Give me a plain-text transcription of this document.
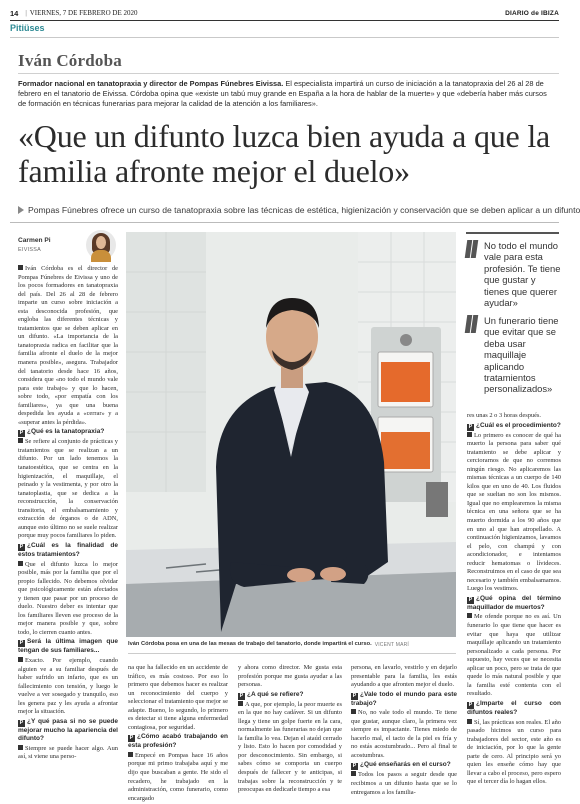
14 | VIERNES, 7 DE FEBRERO DE 2020	DIARIO de IBIZA
Pitiüses
Iván Córdoba
Formador nacional en tanatopraxia y director de Pompas Fúnebres Eivissa. El especialista impartirá un curso de iniciación a la tanatopraxia del 26 al 28 de febrero en el tanatorio de Eivissa. Córdoba opina que «existe un tabú muy grande en España a la hora de hablar de la muerte» y que «debería haber más cursos de formación en técnicas funerarias para mejorar la calidad de la atención a los familiares».
«Que un difunto luzca bien ayuda a que la familia afronte mejor el duelo»
Pompas Fúnebres ofrece un curso de tanatopraxia sobre las técnicas de estética, higienización y conservación que se deben aplicar a un difunto
Carmen Pi
EIVISSA
Iván Córdoba posa en una de las mesas de trabajo del tanatorio, donde impartirá el curso. VICENT MARÍ
No todo el mundo vale para esta profesión. Te tiene que gustar y tienes que querer ayudar»
Un funerario tiene que evitar que se deba usar maquillaje aplicando tratamientos personalizados»

Iván Córdoba es el director de Pompas Fúnebres de Eivissa y uno de los pocos formadores en tanatopraxia del país. Del 26 al 28 de febrero imparte un curso sobre iniciación a esta desconocida profesión, que engloba las diferentes técnicas y tratamientos que se deben aplicar en un difunto. «La importancia de la tanatopraxia radica en facilitar que la familia afronte el duelo de la mejor manera posible», asegura. Trabajador del tanatorio desde hace 16 años, considera que «no todo el mundo vale para este trabajo» y que lo hacen, sobre todo, «por empatía con los familiares», ya que una buena despedida les ayuda a «cerrar» y a «superar antes la pérdida».

P ¿Qué es la tanatopraxia?

Se refiere al conjunto de prácticas y tratamientos que se realizan a un difunto. Por un lado tenemos la tanatoestética, que se centra en la higienización, el maquillaje, el peinado y la vestimenta, y por otro la tanatoplastia, que se dedica a la reconstrucción, la conservación transitoria, el embalsamamiento y extracción de órganos o de ADN, aunque esto último no se suele realizar porque muy pocos familiares lo piden.

P ¿Cuál es la finalidad de estos tratamientos?

Que el difunto luzca lo mejor posible, más por la familia que por el propio fallecido. No debemos olvidar que psicológicamente están afectados y tienen que pasar por un proceso de duelo. Nuestro deber es intentar que los familiares lleven ese proceso de la mejor manera posible y que, sobre todo, lo cierren cuanto antes.

P Será la última imagen que tengan de sus familiares...

Exacto. Por ejemplo, cuando alguien ve a su familiar después de haber sufrido un infarto, que es un fallecimiento con tensión, y luego le vuelve a ver sosegado y tranquilo, eso les genera paz y les ayuda a afrontar mejor la situación.

P ¿Y qué pasa si no se puede mejorar mucho la apariencia del difunto?

Siempre se puede hacer algo. Aun así, si viene una perso-

na que ha fallecido en un accidente de tráfico, es más costoso. Por eso lo primero que debemos hacer es realizar un reconocimiento del cuerpo y seleccionar el tratamiento que mejor se adapte. Bueno, lo segundo, lo primero es detectar si tiene alguna enfermedad contagiosa, por seguridad.

P ¿Cómo acabó trabajando en esta profesión?

Empecé en Pompas hace 16 años porque mi primo trabajaba aquí y me dijo que buscaban a gente. He sido el recadero, he trabajado en la administración, como funerario, como encargado

y ahora como director. Me gusta esta profesión porque me gusta ayudar a las personas.

P ¿A qué se refiere?

A que, por ejemplo, la peor muerte es en la que no hay cadáver. Si un difunto llega y tiene un golpe fuerte en la cara, normalmente las funerarias no dejan que la familia lo vea. Dejan el ataúd cerrado y listo. Esto lo hacen por comodidad y por desconocimiento. Sin embargo, si sabes cómo se comporta un cuerpo después de fallecer y te anticipas, si trabajas sobre la reconstrucción y te preocupas en dedicarle tiempo a esa

persona, en lavarlo, vestirlo y en dejarlo presentable para la familia, les estás ayudando a que afronten mejor el duelo.

P ¿Vale todo el mundo para este trabajo?

No, no vale todo el mundo. Te tiene que gustar, aunque claro, la primera vez siempre es impactante. Tienes miedo de hacerlo mal, el tacto de la piel es fría y no estás acostumbrado... Pero al final te acostumbras.

P ¿Qué enseñarás en el curso?

Todos los pasos a seguir desde que recibimos a un difunto hasta que se lo entregamos a los familia-

res unas 2 o 3 horas después.

P ¿Cuál es el procedimiento?

Lo primero es conocer de qué ha muerto la persona para saber qué tratamiento se debe aplicar y cerciorarnos de que no corremos ningún riesgo. No aplicaremos las mismas técnicas a un cuerpo de 140 kilos que en uno de 40. Los fluidos que se sueltan no son los mismos. Igual que no emplearemos la misma técnica en una señora que se ha muerto dormida a los 90 años que en uno al que han atropellado. A continuación higienizamos, lavamos el pelo, con champú y con acondicionador, e intentamos reducir hematomas o lívideces. Reconstruimos en el caso de que sea necesario y también embalsamamos. Luego los vestimos.

P ¿Qué opina del término maquillador de muertos?

Me ofende porque no es así. Un funerario lo que tiene que hacer es evitar que haya que utilizar maquillaje aplicando un tratamiento personalizado a cada persona. Por supuesto, hay veces que se necesita aplicar un poco, pero se trata de que quede lo más natural posible y que la familia esté contenta con el resultado.

P ¿Imparte el curso con difuntos reales?

Sí, las prácticas son reales. El año pasado hicimos un curso para trabajadores del sector, este año es de iniciación, por lo que la gente parte de cero. Al principio será yo quien les enseñe cómo hay que llevar a cabo el proceso, pero espero que el tercer día lo hagan ellos.
